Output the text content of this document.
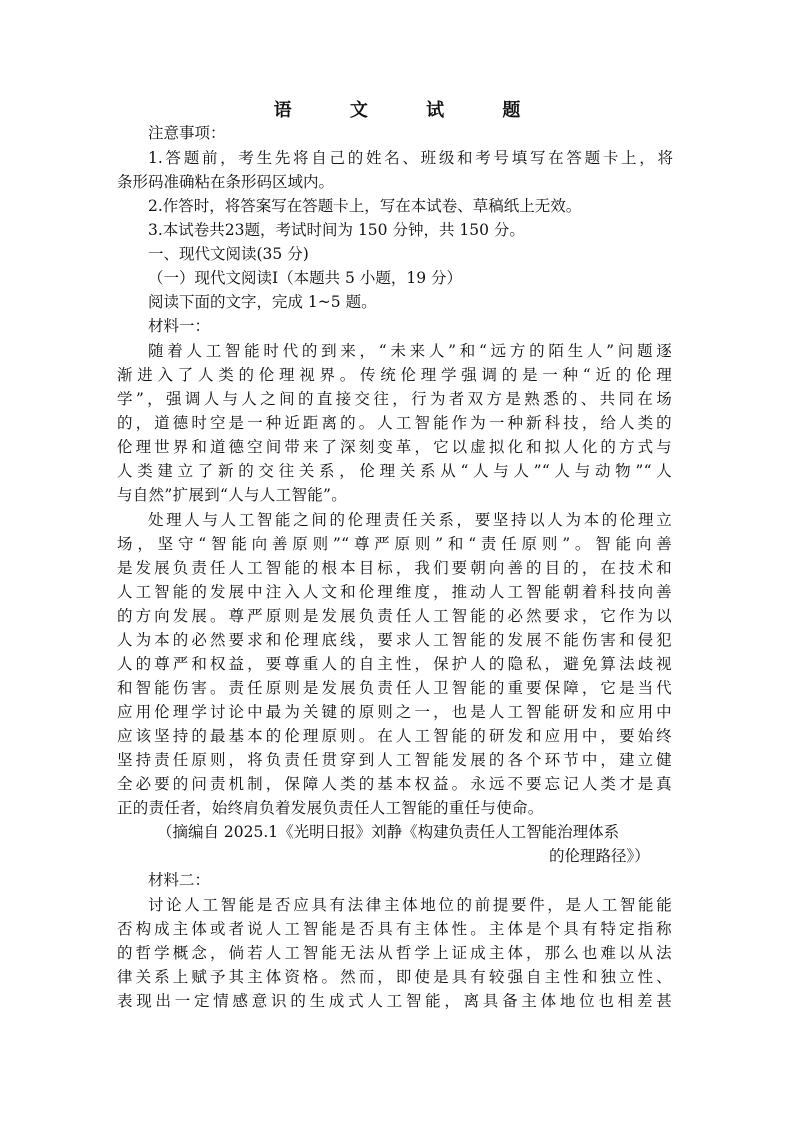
语 文 试 题
注意事项：
1.答题前，考生先将自己的姓名、班级和考号填写在答题卡上，将
条形码准确粘在条形码区域内。
2.作答时，将答案写在答题卡上，写在本试卷、草稿纸上无效。
3.本试卷共23题，考试时间为 150 分钟，共 150 分。
一、现代文阅读(35 分)
（一）现代文阅读Ⅰ（本题共 5 小题，19 分）
阅读下面的文字，完成 1~5 题。
材料一：
随着人工智能时代的到来，“未来人”和“远方的陌生人”问题逐
渐进入了人类的伦理视界。传统伦理学强调的是一种“近的伦理
学”，强调人与人之间的直接交往，行为者双方是熟悉的、共同在场
的，道德时空是一种近距离的。人工智能作为一种新科技，给人类的
伦理世界和道德空间带来了深刻变革，它以虚拟化和拟人化的方式与
人类建立了新的交往关系，伦理关系从“人与人”“人与动物”“人
与自然”扩展到“人与人工智能”。
处理人与人工智能之间的伦理责任关系，要坚持以人为本的伦理立
场，坚守“智能向善原则”“尊严原则”和“责任原则”。智能向善
是发展负责任人工智能的根本目标，我们要朝向善的目的，在技术和
人工智能的发展中注入人文和伦理维度，推动人工智能朝着科技向善
的方向发展。尊严原则是发展负责任人工智能的必然要求，它作为以
人为本的必然要求和伦理底线，要求人工智能的发展不能伤害和侵犯
人的尊严和权益，要尊重人的自主性，保护人的隐私，避免算法歧视
和智能伤害。责任原则是发展负责任人卫智能的重要保障，它是当代
应用伦理学讨论中最为关键的原则之一，也是人工智能研发和应用中
应该坚持的最基本的伦理原则。在人工智能的研发和应用中，要始终
坚持责任原则，将负责任贯穿到人工智能发展的各个环节中，建立健
全必要的问责机制，保障人类的基本权益。永远不要忘记人类才是真
正的责任者，始终肩负着发展负责任人工智能的重任与使命。
（摘编自 2025.1《光明日报》刘静《构建负责任人工智能治理体系
的伦理路径》）
材料二：
讨论人工智能是否应具有法律主体地位的前提要件，是人工智能能
否构成主体或者说人工智能是否具有主体性。主体是个具有特定指称
的哲学概念，倘若人工智能无法从哲学上证成主体，那么也难以从法
律关系上赋予其主体资格。然而，即使是具有较强自主性和独立性、
表现出一定情感意识的生成式人工智能，离具备主体地位也相差甚
